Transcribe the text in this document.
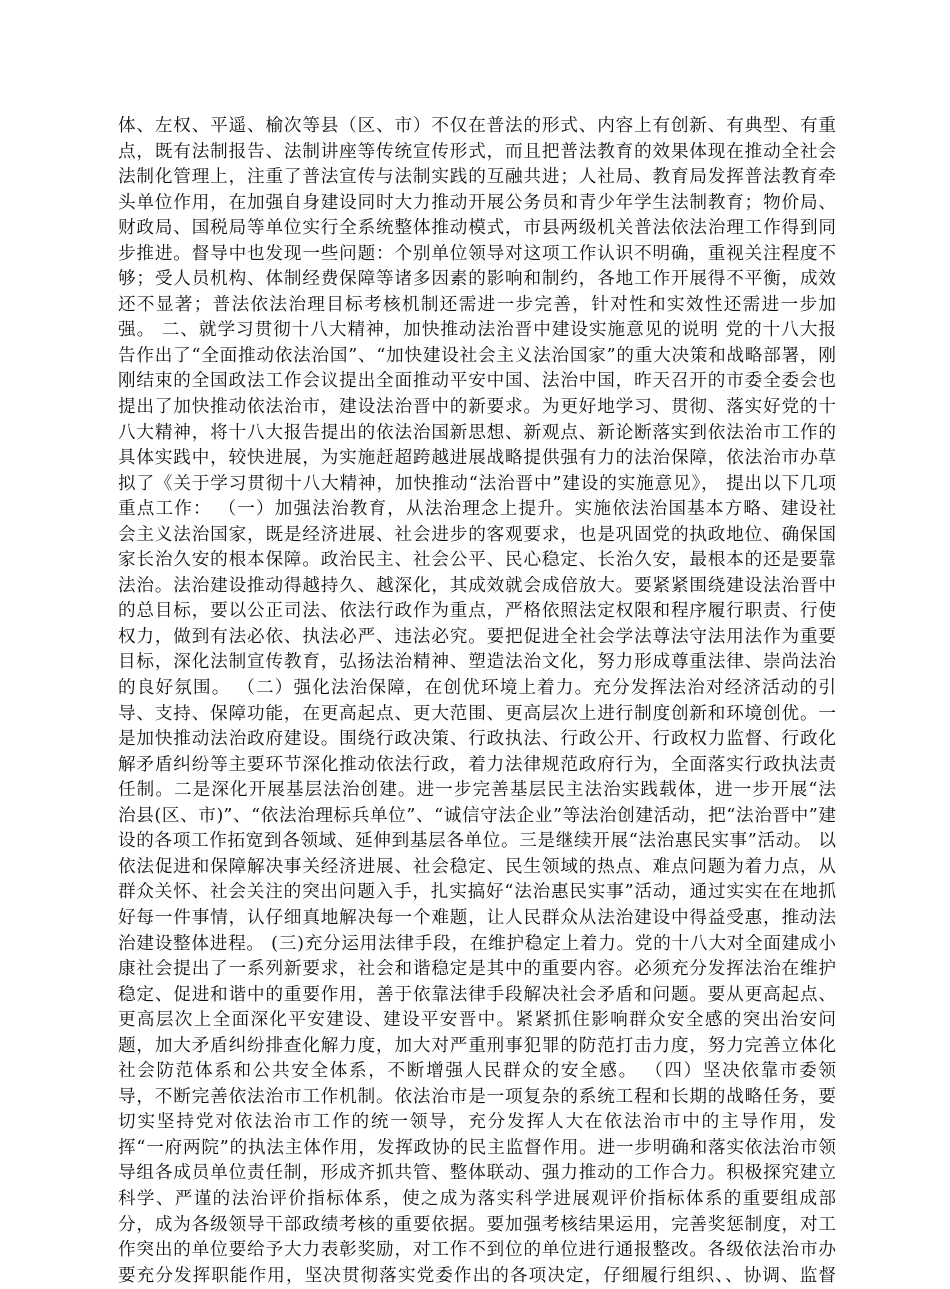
体、左权、平遥、榆次等县（区、市）不仅在普法的形式、内容上有创新、有典型、有重
点，既有法制报告、法制讲座等传统宣传形式，而且把普法教育的效果体现在推动全社会
法制化管理上，注重了普法宣传与法制实践的互融共进；人社局、教育局发挥普法教育牵
头单位作用，在加强自身建设同时大力推动开展公务员和青少年学生法制教育；物价局、
财政局、国税局等单位实行全系统整体推动模式，市县两级机关普法依法治理工作得到同
步推进。督导中也发现一些问题：个别单位领导对这项工作认识不明确，重视关注程度不
够；受人员机构、体制经费保障等诸多因素的影响和制约，各地工作开展得不平衡，成效
还不显著；普法依法治理目标考核机制还需进一步完善，针对性和实效性还需进一步加
强。 二、就学习贯彻十八大精神，加快推动法治晋中建设实施意见的说明 党的十八大报
告作出了“全面推动依法治国”、“加快建设社会主义法治国家”的重大决策和战略部署，刚
刚结束的全国政法工作会议提出全面推动平安中国、法治中国，昨天召开的市委全委会也
提出了加快推动依法治市，建设法治晋中的新要求。为更好地学习、贯彻、落实好党的十
八大精神，将十八大报告提出的依法治国新思想、新观点、新论断落实到依法治市工作的
具体实践中，较快进展，为实施赶超跨越进展战略提供强有力的法治保障，依法治市办草
拟了《关于学习贯彻十八大精神，加快推动“法治晋中”建设的实施意见》， 提出以下几项
重点工作： （一）加强法治教育，从法治理念上提升。实施依法治国基本方略、建设社
会主义法治国家，既是经济进展、社会进步的客观要求，也是巩固党的执政地位、确保国
家长治久安的根本保障。政治民主、社会公平、民心稳定、长治久安，最根本的还是要靠
法治。法治建设推动得越持久、越深化，其成效就会成倍放大。要紧紧围绕建设法治晋中
的总目标，要以公正司法、依法行政作为重点，严格依照法定权限和程序履行职责、行使
权力，做到有法必依、执法必严、违法必究。要把促进全社会学法尊法守法用法作为重要
目标，深化法制宣传教育，弘扬法治精神、塑造法治文化，努力形成尊重法律、崇尚法治
的良好氛围。 （二）强化法治保障，在创优环境上着力。充分发挥法治对经济活动的引
导、支持、保障功能，在更高起点、更大范围、更高层次上进行制度创新和环境创优。一
是加快推动法治政府建设。围绕行政决策、行政执法、行政公开、行政权力监督、行政化
解矛盾纠纷等主要环节深化推动依法行政，着力法律规范政府行为，全面落实行政执法责
任制。二是深化开展基层法治创建。进一步完善基层民主法治实践载体，进一步开展“法
治县(区、市)”、“依法治理标兵单位”、“诚信守法企业”等法治创建活动，把“法治晋中”建
设的各项工作拓宽到各领域、延伸到基层各单位。三是继续开展“法治惠民实事”活动。 以
依法促进和保障解决事关经济进展、社会稳定、民生领域的热点、难点问题为着力点，从
群众关怀、社会关注的突出问题入手，扎实搞好“法治惠民实事”活动，通过实实在在地抓
好每一件事情，认仔细真地解决每一个难题，让人民群众从法治建设中得益受惠，推动法
治建设整体进程。 (三)充分运用法律手段，在维护稳定上着力。党的十八大对全面建成小
康社会提出了一系列新要求，社会和谐稳定是其中的重要内容。必须充分发挥法治在维护
稳定、促进和谐中的重要作用，善于依靠法律手段解决社会矛盾和问题。要从更高起点、
更高层次上全面深化平安建设、建设平安晋中。紧紧抓住影响群众安全感的突出治安问
题，加大矛盾纠纷排查化解力度，加大对严重刑事犯罪的防范打击力度，努力完善立体化
社会防范体系和公共安全体系，不断增强人民群众的安全感。 （四）坚决依靠市委领
导，不断完善依法治市工作机制。依法治市是一项复杂的系统工程和长期的战略任务，要
切实坚持党对依法治市工作的统一领导，充分发挥人大在依法治市中的主导作用，发
挥“一府两院”的执法主体作用，发挥政协的民主监督作用。进一步明确和落实依法治市领
导组各成员单位责任制，形成齐抓共管、整体联动、强力推动的工作合力。积极探究建立
科学、严谨的法治评价指标体系，使之成为落实科学进展观评价指标体系的重要组成部
分，成为各级领导干部政绩考核的重要依据。要加强考核结果运用，完善奖惩制度，对工
作突出的单位要给予大力表彰奖励，对工作不到位的单位进行通报整改。各级依法治市办
要充分发挥职能作用，坚决贯彻落实党委作出的各项决定，仔细履行组织、、协调、监督
